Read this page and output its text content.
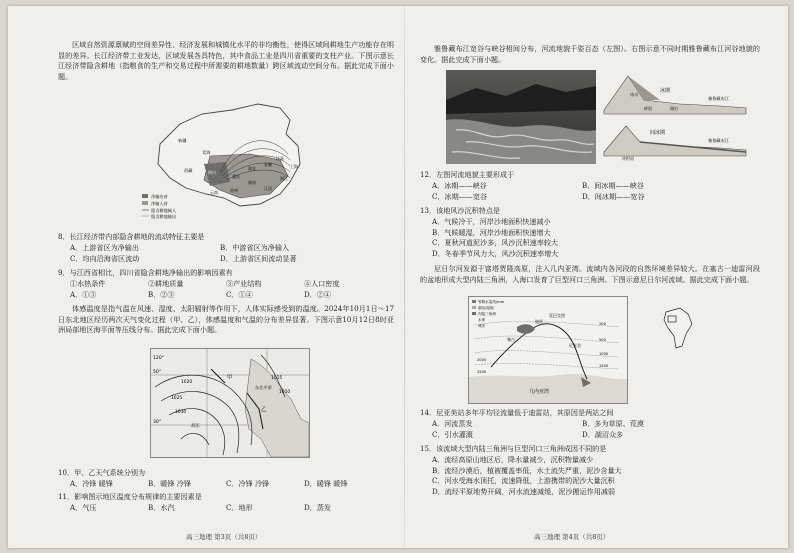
区域自然资源禀赋的空间差异性、经济发展和城镇化水平的非均衡性，使得区域间耕地生产功能存在明显的差异。长江经济带工业发达，区域发展各具特色，其中食品工业是四川省重要的支柱产业。下图示意长江经济带隐含耕地（指粮食的生产和交易过程中所需要的耕地数量）跨区域流动空间分布。据此完成下面小题。
净输出省
净输入省
隐含耕地输入
隐含耕地输出
新疆
西藏
青海
四川
云南
湖北
湖南
江苏
上海
浙江
安徽
江西
贵州
重庆
8．长江经济带内部隐含耕地的流动特征主要是
A．上游省区为净输出	B．中游省区为净输入
C．均向沿海省区流动	D．上游省区间流动显著
9．与江西省相比，四川省隐含耕地净输出的影响因素有
①水热条件	②耕地质量	③产业结构	④人口密度
A．①③	B．②③	C．①④	D．②④
体感温度是指气温在风速、湿度、太阳辐射等作用下，人体实际感受到的温度。2024年10月1日～17日东北地区经历两次天气变化过程（甲、乙），体感温度和气温的分布差异显著。下图示意10月12日8时亚洲局部地区海平面等压线分布。据此完成下面小题。
120°
50°
1020
1025
1030
1015
1010
乙
甲
30°
高压
东北平原
10．甲、乙天气系统分别为
A．冷锋 暖锋	B．暖锋 冷锋	C．冷锋 冷锋	D．暖锋 暖锋
11．影响图示地区温度分布规律的主要因素是
A．气压	B．水汽	C．地形	D．蒸发
高三地理 第3页（共8页）
雅鲁藏布江宽谷与峡谷相间分布，河流地貌千姿百态（左图）。右图示意不同时期雅鲁藏布江河谷地貌的变化。据此完成下面小题。
冰期
间冰期
冰川
雅鲁藏布江
雅鲁藏布江
碎屑	湖泊
冲积扇
12．左图河流地貌主要形成于
A．冰期——峡谷	B．间冰期——峡谷
C．冰期——宽谷	D．间冰期——宽谷
13．该地风沙沉积特点是
A．气候冷干，河岸沙地面积快速减小
B．气候暖湿，河岸沙地面积快速增大
C．夏秋河道泥沙多，风沙沉积速率较大
D．冬春季节风力大，风沙沉积速率增大
尼日尔河发源于富塔贾隆高原，注入几内亚湾。流域内各河段的自然环境差异较大。在塞古一迪雷河段的盆地形成大型内陆三角洲，入海口发育了巨型河口三角洲。下图示意尼日尔河流域。据此完成下面小题。
等降水量线/mm
湖沼/湿地
内陆三角洲
水库
城市
塞古
迪雷
廷巴克图
尼亚美
几内亚湾
200
500
1000
1500
2000
2500
14．尼亚美站多年平均径流量低于迪雷站，其原因是两站之间
A．河流蒸发	B．多为草原、荒漠
C．引水灌溉	D．湖沼众多
15．该流域大型内陆三角洲与巨型河口三角洲成因不同的是
A．流经高原山地区后，降水量减少，沉积物量减少
B．流经沙漠后，植被覆盖率低，水土流失严重，泥沙含量大
C．河水受海水顶托，流速降低，上游携带的泥沙大量沉积
D．流经平原地势开阔，河水流速减缓，泥沙搬运作用减弱
高三地理 第4页（共8页）
